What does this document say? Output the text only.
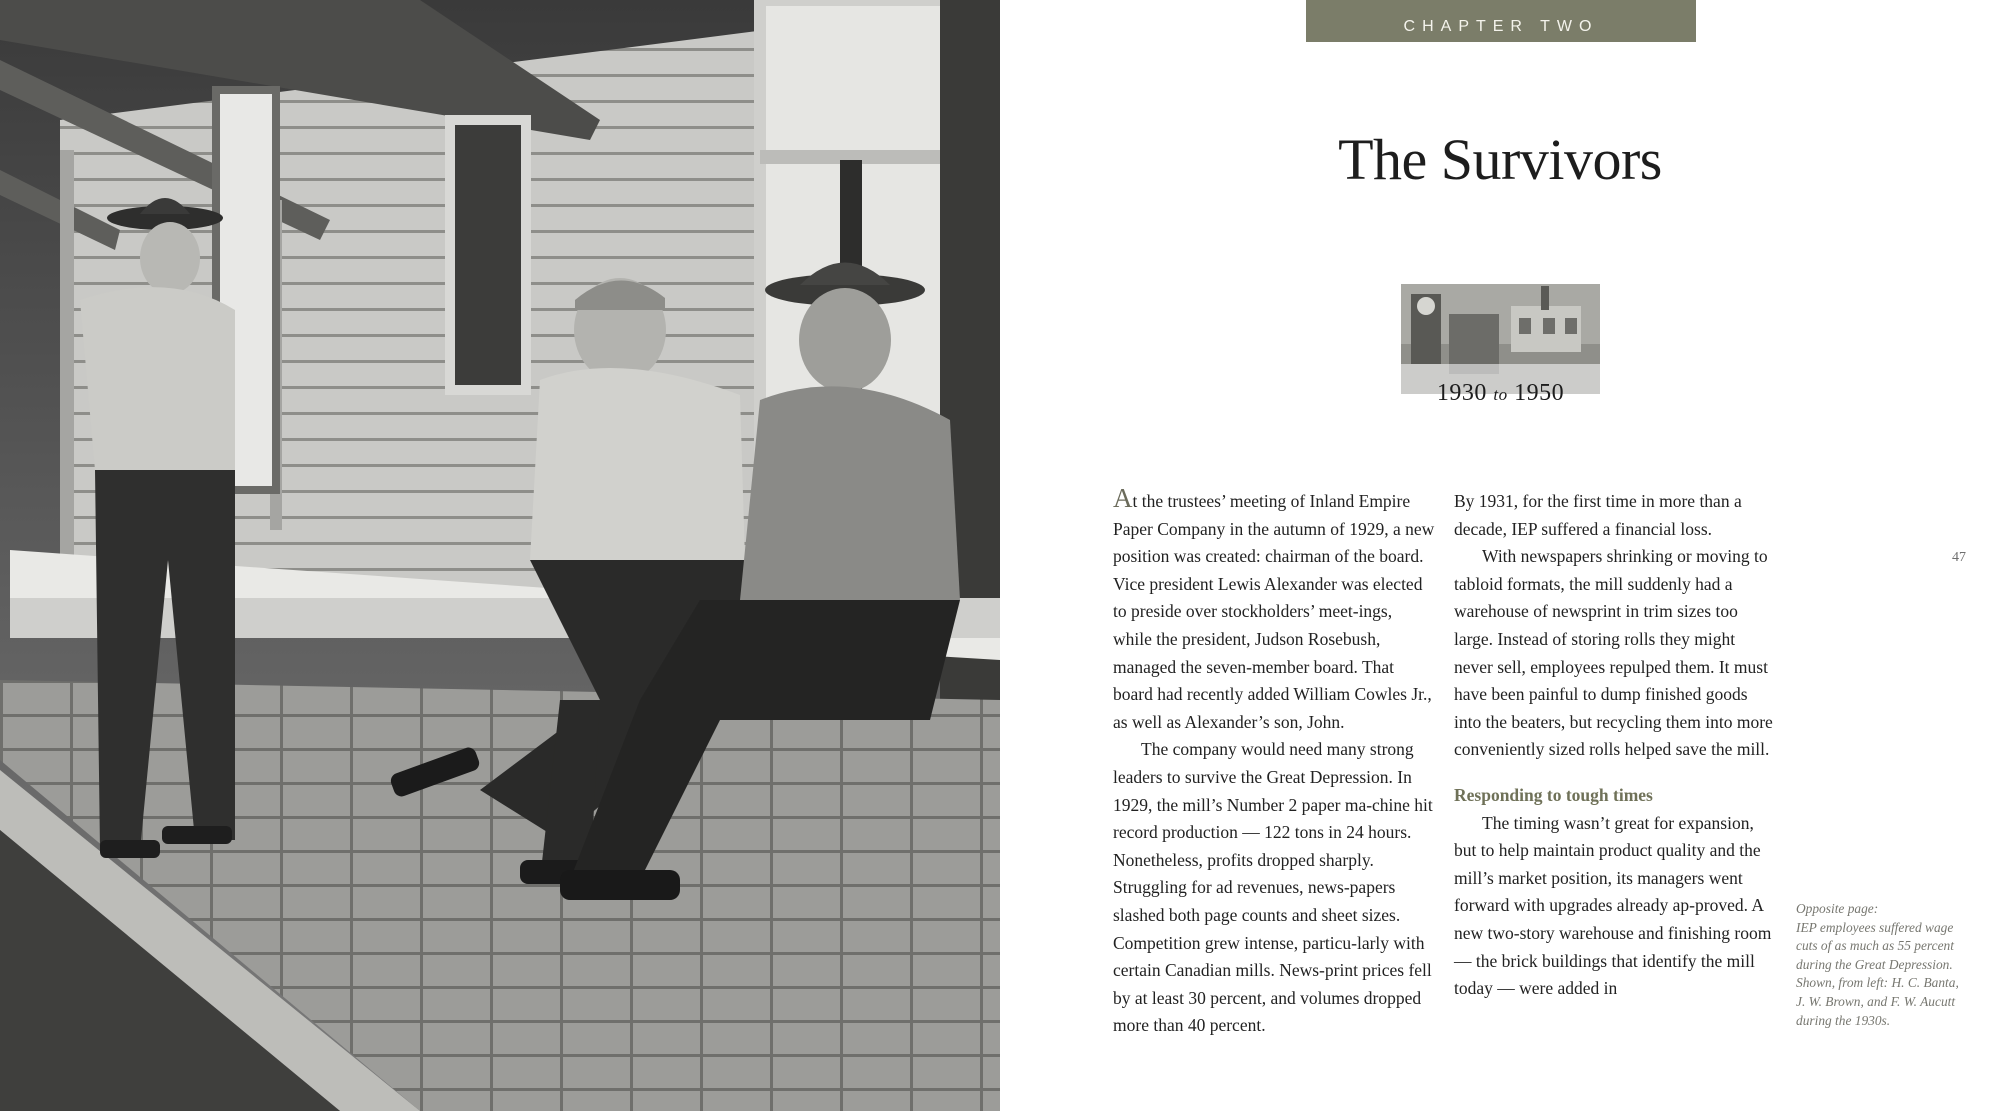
CHAPTER TWO
The Survivors
1930 to 1950
47

At the trustees’ meeting of Inland Empire Paper Company in the autumn of 1929, a new position was created: chairman of the board. Vice president Lewis Alexander was elected to preside over stockholders’ meet-ings, while the president, Judson Rosebush, managed the seven-member board. That board had recently added William Cowles Jr., as well as Alexander’s son, John.

The company would need many strong leaders to survive the Great Depression. In 1929, the mill’s Number 2 paper ma-chine hit record production — 122 tons in 24 hours. Nonetheless, profits dropped sharply. Struggling for ad revenues, news-papers slashed both page counts and sheet sizes. Competition grew intense, particu-larly with certain Canadian mills. News-print prices fell by at least 30 percent, and volumes dropped more than 40 percent.

By 1931, for the first time in more than a decade, IEP suffered a financial loss.

With newspapers shrinking or moving to tabloid formats, the mill suddenly had a warehouse of newsprint in trim sizes too large. Instead of storing rolls they might never sell, employees repulped them. It must have been painful to dump finished goods into the beaters, but recycling them into more conveniently sized rolls helped save the mill.

Responding to tough times

The timing wasn’t great for expansion, but to help maintain product quality and the mill’s market position, its managers went forward with upgrades already ap-proved. A new two-story warehouse and finishing room — the brick buildings that identify the mill today — were added in

Opposite page:

IEP employees suffered wage cuts of as much as 55 percent during the Great Depression. Shown, from left: H. C. Banta, J. W. Brown, and F. W. Aucutt during the 1930s.
